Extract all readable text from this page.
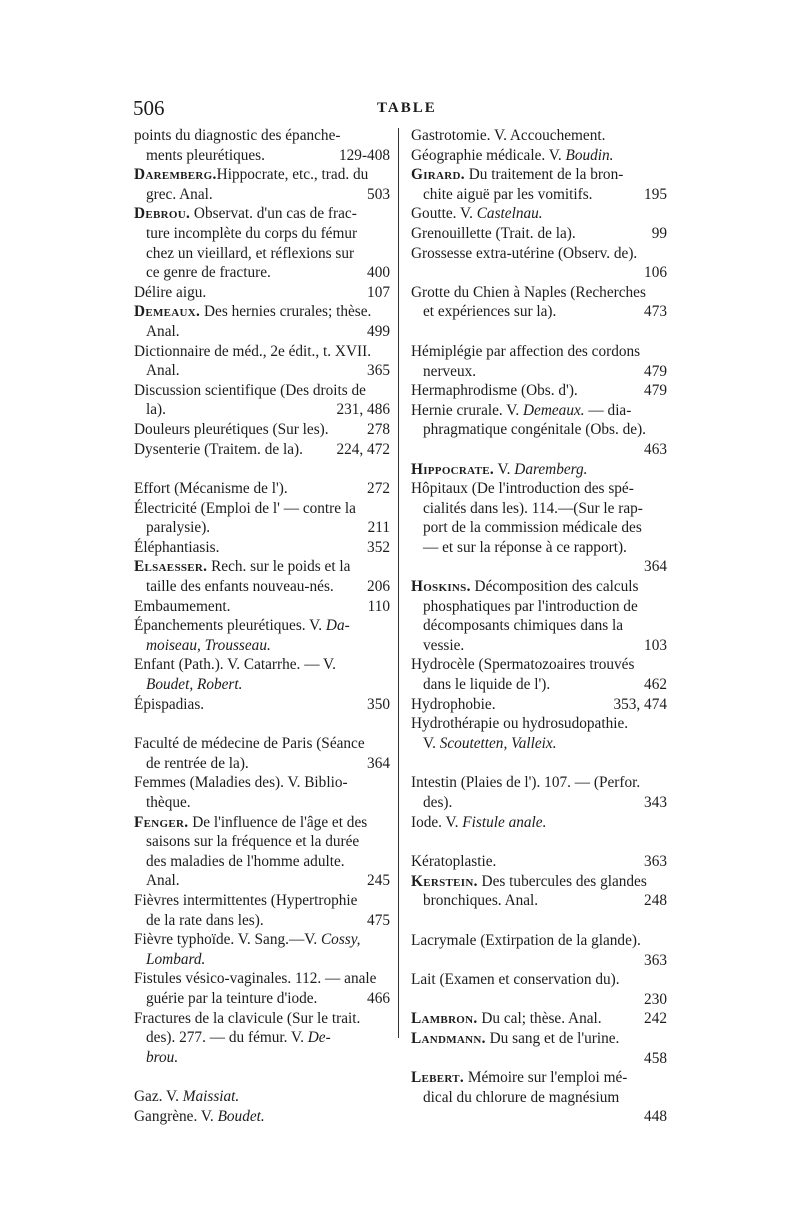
506	TABLE
points du diagnostic des épanche-
ments pleurétiques.	129-408
Daremberg.Hippocrate, etc., trad. du
grec. Anal.	503
Debrou. Observat. d'un cas de frac-
ture incomplète du corps du fémur
chez un vieillard, et réflexions sur
ce genre de fracture.	400
Délire aigu.	107
Demeaux. Des hernies crurales; thèse.
Anal.	499
Dictionnaire de méd., 2e édit., t. XVII.
Anal.	365
Discussion scientifique (Des droits de
la).	231, 486
Douleurs pleurétiques (Sur les).	278
Dysenterie (Traitem. de la). 224, 472
Effort (Mécanisme de l').	272
Électricité (Emploi de l' — contre la
paralysie).	211
Éléphantiasis.	352
Elsaesser. Rech. sur le poids et la
taille des enfants nouveau-nés. 206
Embaumement.	110
Épanchements pleurétiques. V. Da-
moiseau, Trousseau.
Enfant (Path.). V. Catarrhe. — V.
Boudet, Robert.
Épispadias.	350
Faculté de médecine de Paris (Séance
de rentrée de la).	364
Femmes (Maladies des). V. Biblio-
thèque.
Fenger. De l'influence de l'âge et des
saisons sur la fréquence et la durée
des maladies de l'homme adulte.
Anal.	245
Fièvres intermittentes (Hypertrophie
de la rate dans les).	475
Fièvre typhoïde. V. Sang.—V. Cossy,
Lombard.
Fistules vésico-vaginales. 112. — anale
guérie par la teinture d'iode.	466
Fractures de la clavicule (Sur le trait.
des). 277. — du fémur. V. De-
brou.
Gaz. V. Maissiat.
Gangrène. V. Boudet.
Gastrotomie. V. Accouchement.
Géographie médicale. V. Boudin.
Girard. Du traitement de la bron-
chite aiguë par les vomitifs.	195
Goutte. V. Castelnau.
Grenouillette (Trait. de la).	99
Grossesse extra-utérine (Observ. de).
106
Grotte du Chien à Naples (Recherches
et expériences sur la).	473
Hémiplégie par affection des cordons
nerveux.	479
Hermaphrodisme (Obs. d').	479
Hernie crurale. V. Demeaux. — dia-
phragmatique congénitale (Obs. de).
463
Hippocrate. V. Daremberg.
Hôpitaux (De l'introduction des spé-
cialités dans les). 114.—(Sur le rap-
port de la commission médicale des
— et sur la réponse à ce rapport).
364
Hoskins. Décomposition des calculs
phosphatiques par l'introduction de
décomposants chimiques dans la
vessie.	103
Hydrocèle (Spermatozoaires trouvés
dans le liquide de l').	462
Hydrophobie.	353, 474
Hydrothérapie ou hydrosudopathie.
V. Scoutetten, Valleix.
Intestin (Plaies de l'). 107. — (Perfor.
des).	343
Iode. V. Fistule anale.
Kératoplastie.	363
Kerstein. Des tubercules des glandes
bronchiques. Anal.	248
Lacrymale (Extirpation de la glande).
363
Lait (Examen et conservation du).
230
Lambron. Du cal; thèse. Anal.	242
Landmann. Du sang et de l'urine.
458
Lebert. Mémoire sur l'emploi mé-
dical du chlorure de magnésium
448
